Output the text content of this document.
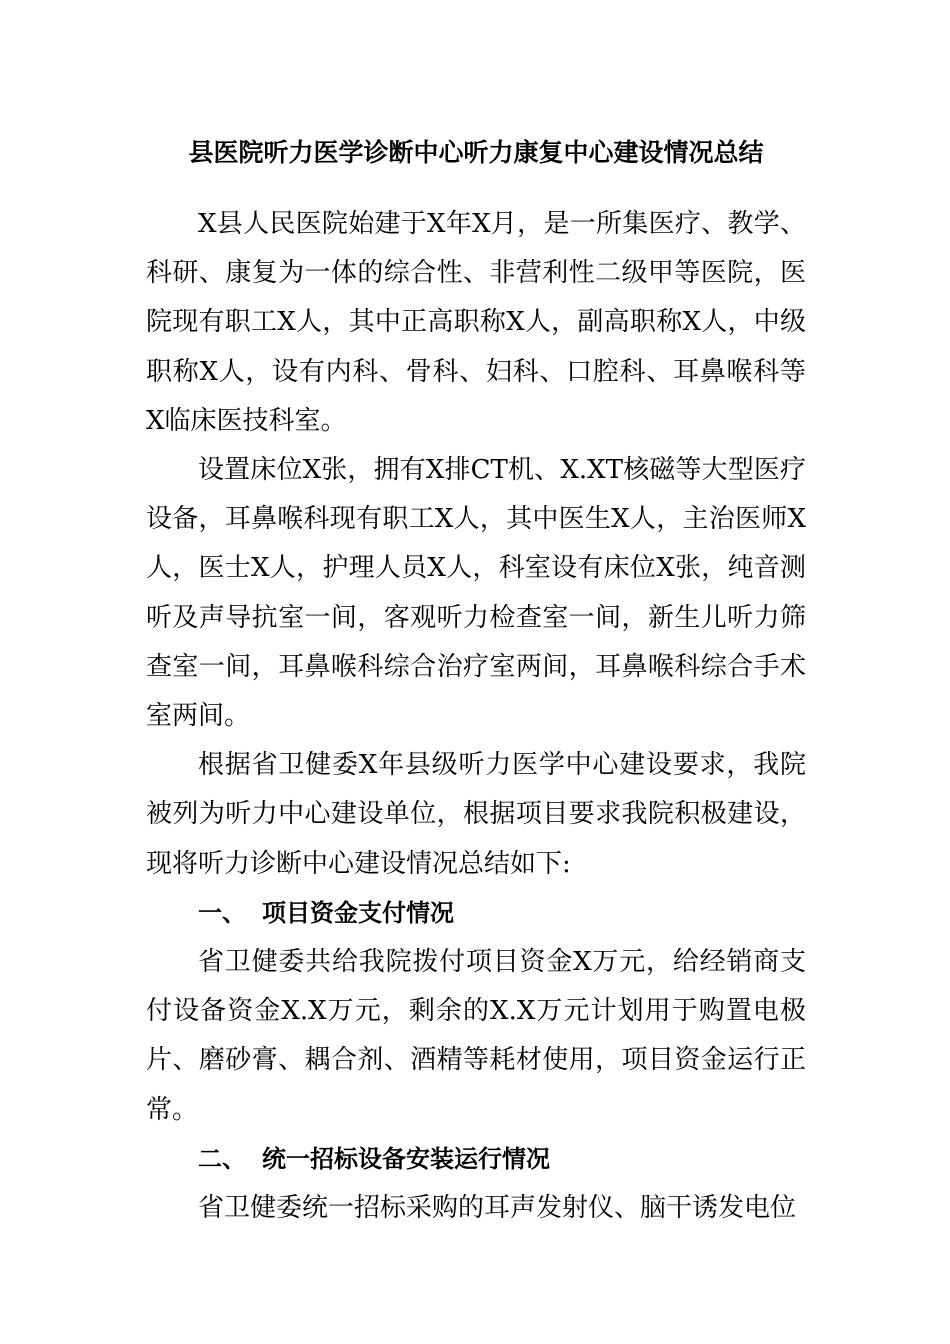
县医院听力医学诊断中心听力康复中心建设情况总结

X县人民医院始建于X年X月，是一所集医疗、教学、科研、康复为一体的综合性、非营利性二级甲等医院，医院现有职工X人，其中正高职称X人，副高职称X人，中级职称X人，设有内科、骨科、妇科、口腔科、耳鼻喉科等X临床医技科室。

设置床位X张，拥有X排CT机、X.XT核磁等大型医疗设备，耳鼻喉科现有职工X人，其中医生X人，主治医师X人，医士X人，护理人员X人，科室设有床位X张，纯音测听及声导抗室一间，客观听力检查室一间，新生儿听力筛查室一间，耳鼻喉科综合治疗室两间，耳鼻喉科综合手术室两间。

根据省卫健委X年县级听力医学中心建设要求，我院被列为听力中心建设单位，根据项目要求我院积极建设，现将听力诊断中心建设情况总结如下:

一、 项目资金支付情况

省卫健委共给我院拨付项目资金X万元，给经销商支付设备资金X.X万元，剩余的X.X万元计划用于购置电极片、磨砂膏、耦合剂、酒精等耗材使用，项目资金运行正常。

二、 统一招标设备安装运行情况

省卫健委统一招标采购的耳声发射仪、脑干诱发电位
